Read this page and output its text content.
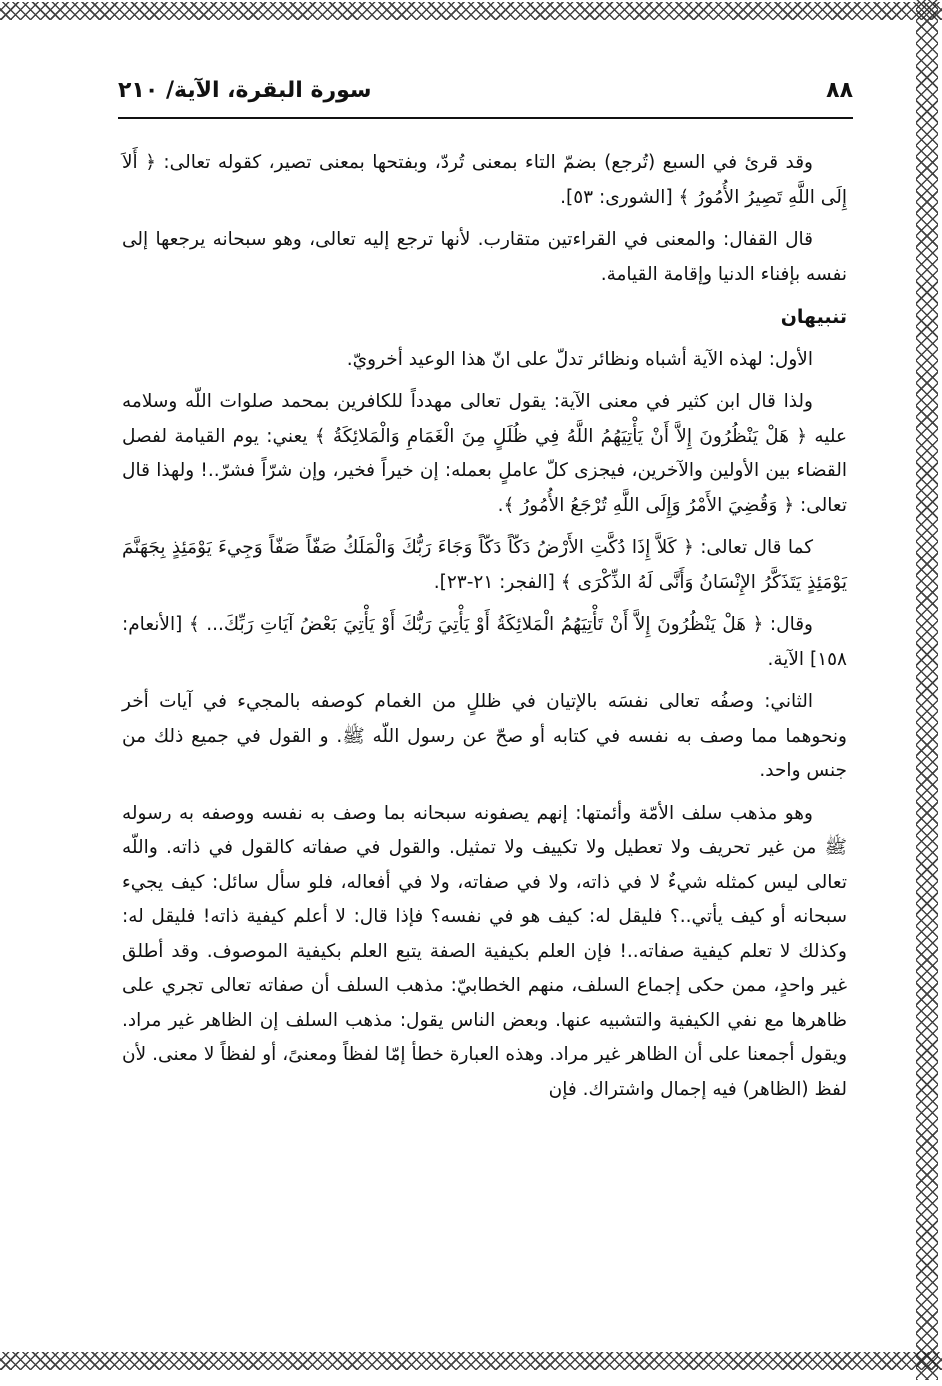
٨٨
سورة البقرة، الآية/ ٢١٠

وقد قرئ في السبع (تُرجع) بضمّ التاء بمعنى تُردّ، وبفتحها بمعنى تصير، كقوله تعالى: ﴿ أَلاَ إِلَى اللَّهِ تَصِيرُ الأُمُورُ ﴾ [الشورى: ٥٣].

قال القفال: والمعنى في القراءتين متقارب. لأنها ترجع إليه تعالى، وهو سبحانه يرجعها إلى نفسه بإفناء الدنيا وإقامة القيامة.

تنبيهان

الأول: لهذه الآية أشباه ونظائر تدلّ على انّ هذا الوعيد أخرويّ.

ولذا قال ابن كثير في معنى الآية: يقول تعالى مهدداً للكافرين بمحمد صلوات اللّه وسلامه عليه ﴿ هَلْ يَنْظُرُونَ إِلاَّ أَنْ يَأْتِيَهُمُ اللَّهُ فِي ظُلَلٍ مِنَ الْغَمَامِ وَالْمَلائِكَةُ ﴾ يعني: يوم القيامة لفصل القضاء بين الأولين والآخرين، فيجزى كلّ عاملٍ بعمله: إن خيراً فخير، وإن شرّاً فشرّ..! ولهذا قال تعالى: ﴿ وَقُضِيَ الأَمْرُ وَإِلَى اللَّهِ تُرْجَعُ الأُمُورُ ﴾.

كما قال تعالى: ﴿ كَلاَّ إِذَا دُكَّتِ الأَرْضُ دَكّاً دَكّاً وَجَاءَ رَبُّكَ وَالْمَلَكُ صَفّاً صَفّاً وَجِيءَ يَوْمَئِذٍ بِجَهَنَّمَ يَوْمَئِذٍ يَتَذَكَّرُ الإِنْسَانُ وَأَنَّى لَهُ الذِّكْرَى ﴾ [الفجر: ٢١-٢٣].

وقال: ﴿ هَلْ يَنْظُرُونَ إِلاَّ أَنْ تَأْتِيَهُمُ الْمَلائِكَةُ أَوْ يَأْتِيَ رَبُّكَ أَوْ يَأْتِيَ بَعْضُ آيَاتِ رَبِّكَ... ﴾ [الأنعام: ١٥٨] الآية.

الثاني: وصفُه تعالى نفسَه بالإتيان في ظللٍ من الغمام كوصفه بالمجيء في آيات أخر ونحوهما مما وصف به نفسه في كتابه أو صحّ عن رسول اللّه ﷺ. و القول في جميع ذلك من جنس واحد.

وهو مذهب سلف الأمّة وأئمتها: إنهم يصفونه سبحانه بما وصف به نفسه ووصفه به رسوله ﷺ من غير تحريف ولا تعطيل ولا تكييف ولا تمثيل. والقول في صفاته كالقول في ذاته. واللّه تعالى ليس كمثله شيءٌ لا في ذاته، ولا في صفاته، ولا في أفعاله، فلو سأل سائل: كيف يجيء سبحانه أو كيف يأتي..؟ فليقل له: كيف هو في نفسه؟ فإذا قال: لا أعلم كيفية ذاته! فليقل له: وكذلك لا تعلم كيفية صفاته..! فإن العلم بكيفية الصفة يتبع العلم بكيفية الموصوف. وقد أطلق غير واحدٍ، ممن حكى إجماع السلف، منهم الخطابيّ: مذهب السلف أن صفاته تعالى تجري على ظاهرها مع نفي الكيفية والتشبيه عنها. وبعض الناس يقول: مذهب السلف إن الظاهر غير مراد. ويقول أجمعنا على أن الظاهر غير مراد. وهذه العبارة خطأ إمّا لفظاً ومعنىً، أو لفظاً لا معنى. لأن لفظ (الظاهر) فيه إجمال واشتراك. فإن
